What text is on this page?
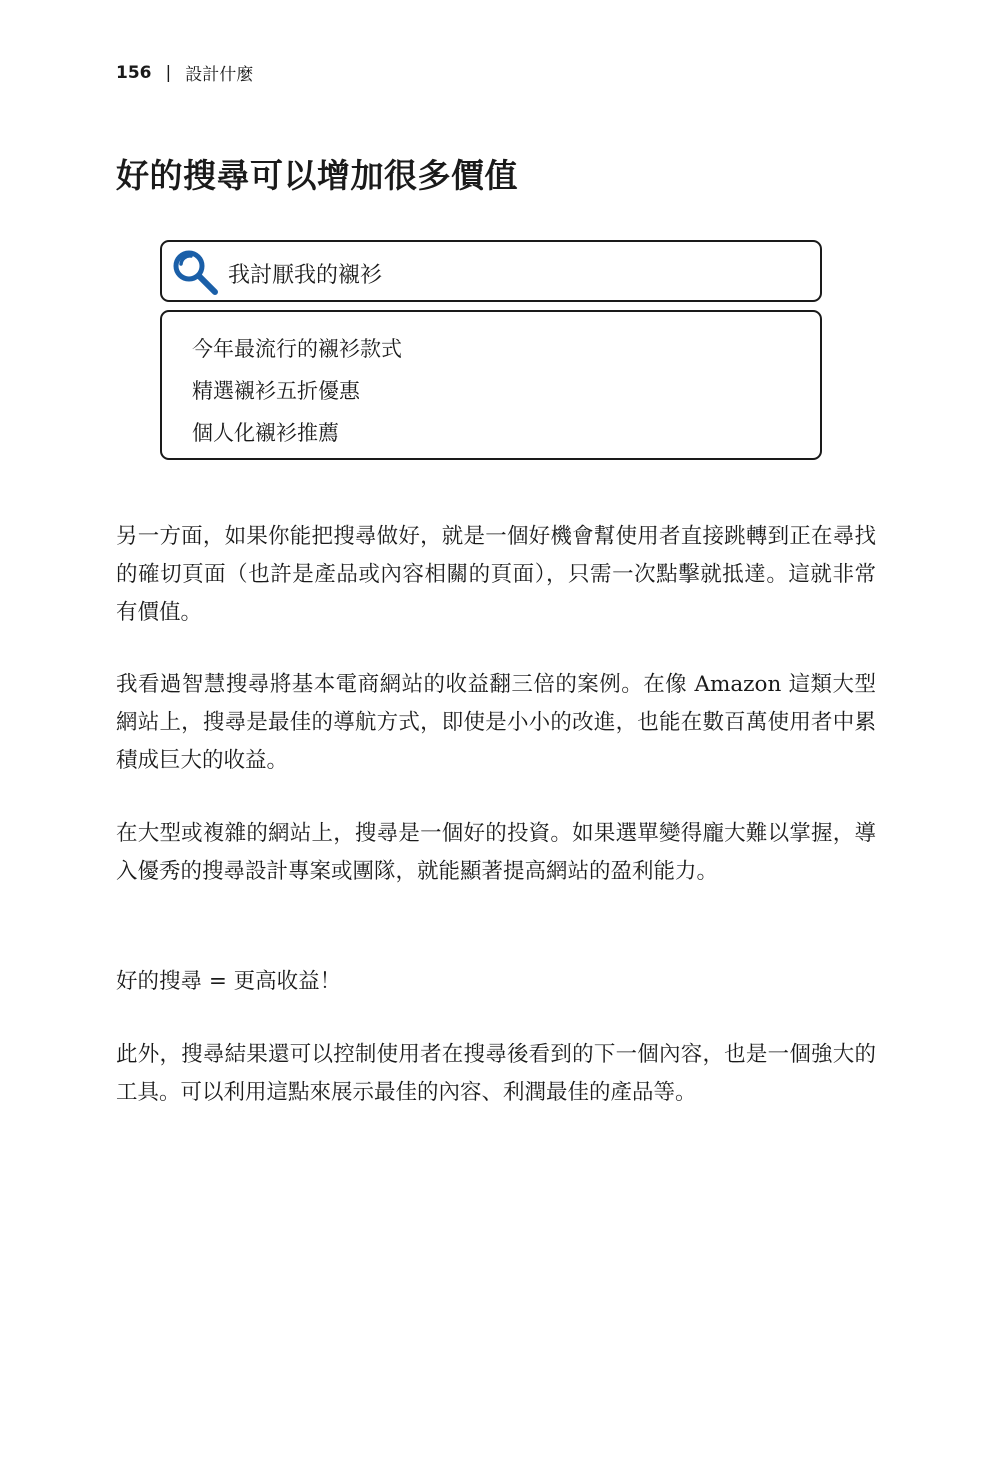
156 | 設計什麼
好的搜尋可以增加很多價值
我討厭我的襯衫
今年最流行的襯衫款式
精選襯衫五折優惠
個人化襯衫推薦

另一方面，如果你能把搜尋做好，就是一個好機會幫使用者直接跳轉到正在尋找的確切頁面（也許是產品或內容相關的頁面），只需一次點擊就抵達。這就非常有價值。

我看過智慧搜尋將基本電商網站的收益翻三倍的案例。在像 Amazon 這類大型網站上，搜尋是最佳的導航方式，即使是小小的改進，也能在數百萬使用者中累積成巨大的收益。

在大型或複雜的網站上，搜尋是一個好的投資。如果選單變得龐大難以掌握，導入優秀的搜尋設計專案或團隊，就能顯著提高網站的盈利能力。

好的搜尋 = 更高收益！

此外，搜尋結果還可以控制使用者在搜尋後看到的下一個內容，也是一個強大的工具。可以利用這點來展示最佳的內容、利潤最佳的產品等。
